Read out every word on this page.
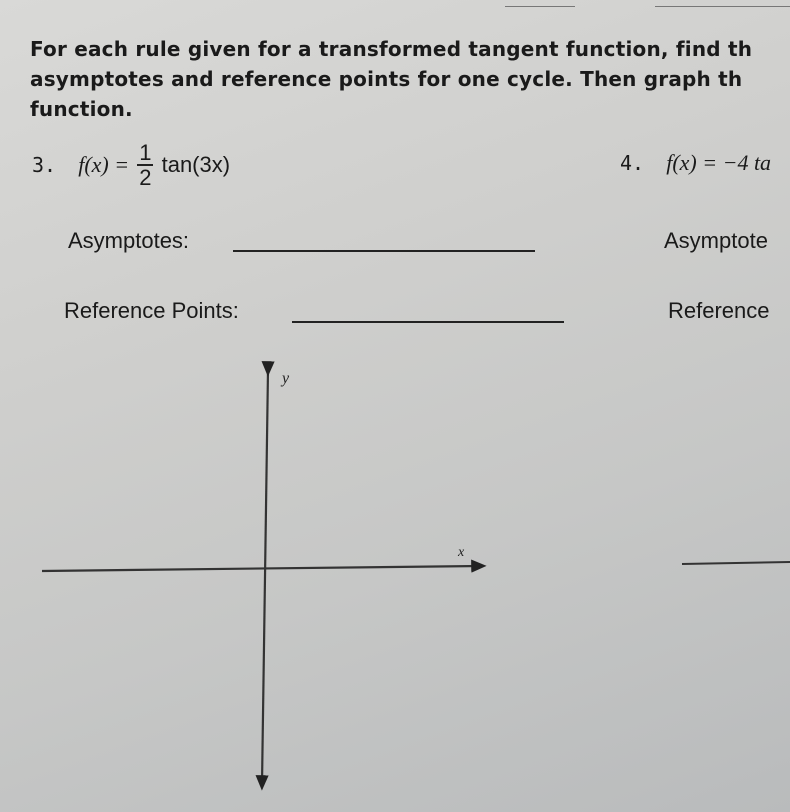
For each rule given for a transformed tangent function, find th
asymptotes and reference points for one cycle. Then graph th
function.
3. $f(x) = \frac{1}{2} \tan(3x)$	4. f(x) = −4 ta
Asymptotes:	Asymptote
Reference Points:	Reference
x
y
